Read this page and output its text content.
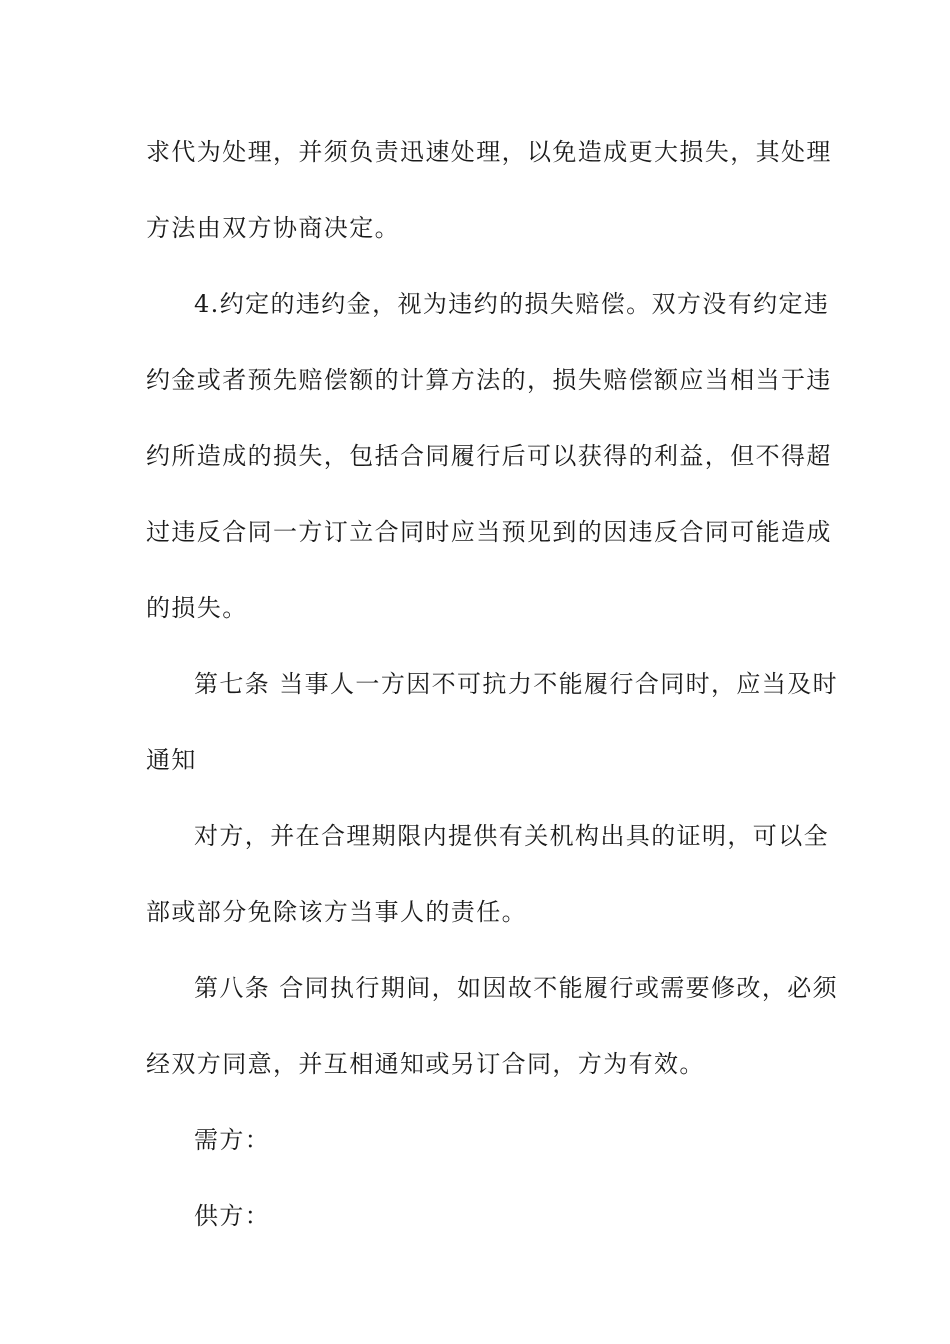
求代为处理，并须负责迅速处理，以免造成更大损失，其处理
方法由双方协商决定。
4.约定的违约金，视为违约的损失赔偿。双方没有约定违
约金或者预先赔偿额的计算方法的，损失赔偿额应当相当于违
约所造成的损失，包括合同履行后可以获得的利益，但不得超
过违反合同一方订立合同时应当预见到的因违反合同可能造成
的损失。
第七条 当事人一方因不可抗力不能履行合同时，应当及时
通知
对方，并在合理期限内提供有关机构出具的证明，可以全
部或部分免除该方当事人的责任。
第八条 合同执行期间，如因故不能履行或需要修改，必须
经双方同意，并互相通知或另订合同，方为有效。
需方：
供方：
